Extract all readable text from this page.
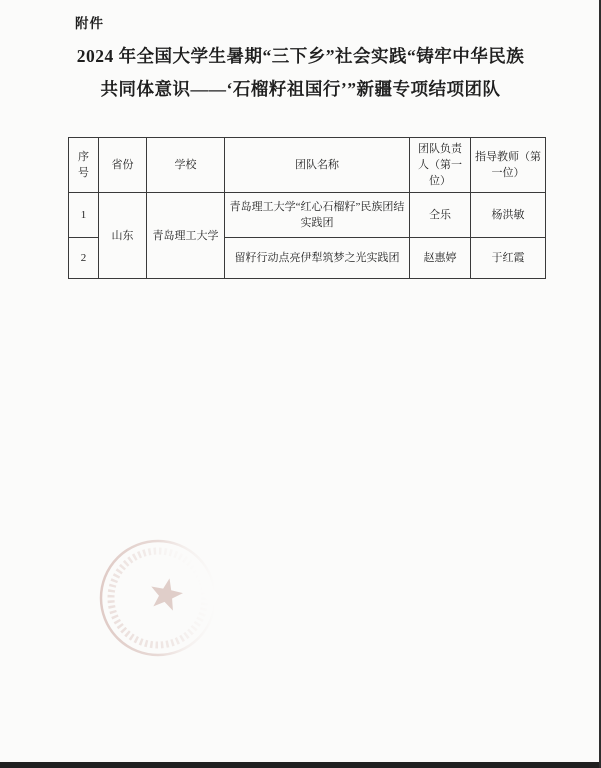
附件
2024 年全国大学生暑期“三下乡”社会实践“铸牢中华民族
共同体意识——‘石榴籽祖国行’”新疆专项结项团队
序号	省份	学校	团队名称	团队负责人（第一位）	指导教师（第一位）
1	山东	青岛理工大学	青岛理工大学“红心石榴籽”民族团结实践团	仝乐	杨洪敏
2			留籽行动点亮伊犁筑梦之光实践团	赵惠婷	于红霞
